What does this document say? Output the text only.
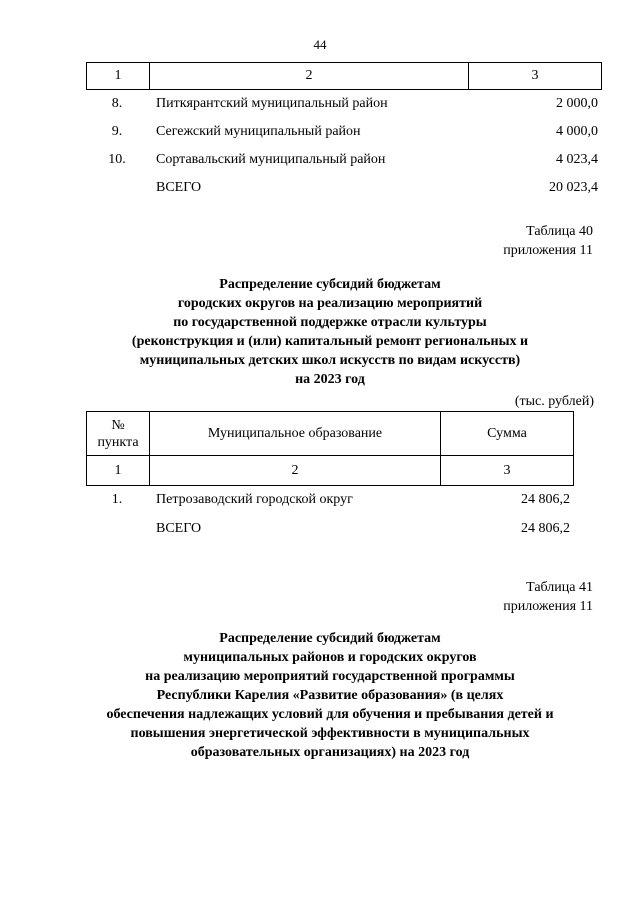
44
1	2	3
8.	Питкярантский муниципальный район	2 000,0
9.	Сегежский муниципальный район	4 000,0
10.	Сортавальский муниципальный район	4 023,4
ВСЕГО	20 023,4
Таблица 40
приложения 11
Распределение субсидий бюджетам
городских округов на реализацию мероприятий
по государственной поддержке отрасли культуры
(реконструкция и (или) капитальный ремонт региональных и
муниципальных детских школ искусств по видам искусств)
на 2023 год
(тыс. рублей)
№
пункта	Муниципальное образование	Сумма
1	2	3
1.	Петрозаводский городской округ	24 806,2
ВСЕГО	24 806,2
Таблица 41
приложения 11
Распределение субсидий бюджетам
муниципальных районов и городских округов
на реализацию мероприятий государственной программы
Республики Карелия «Развитие образования» (в целях
обеспечения надлежащих условий для обучения и пребывания детей и
повышения энергетической эффективности в муниципальных
образовательных организациях) на 2023 год
